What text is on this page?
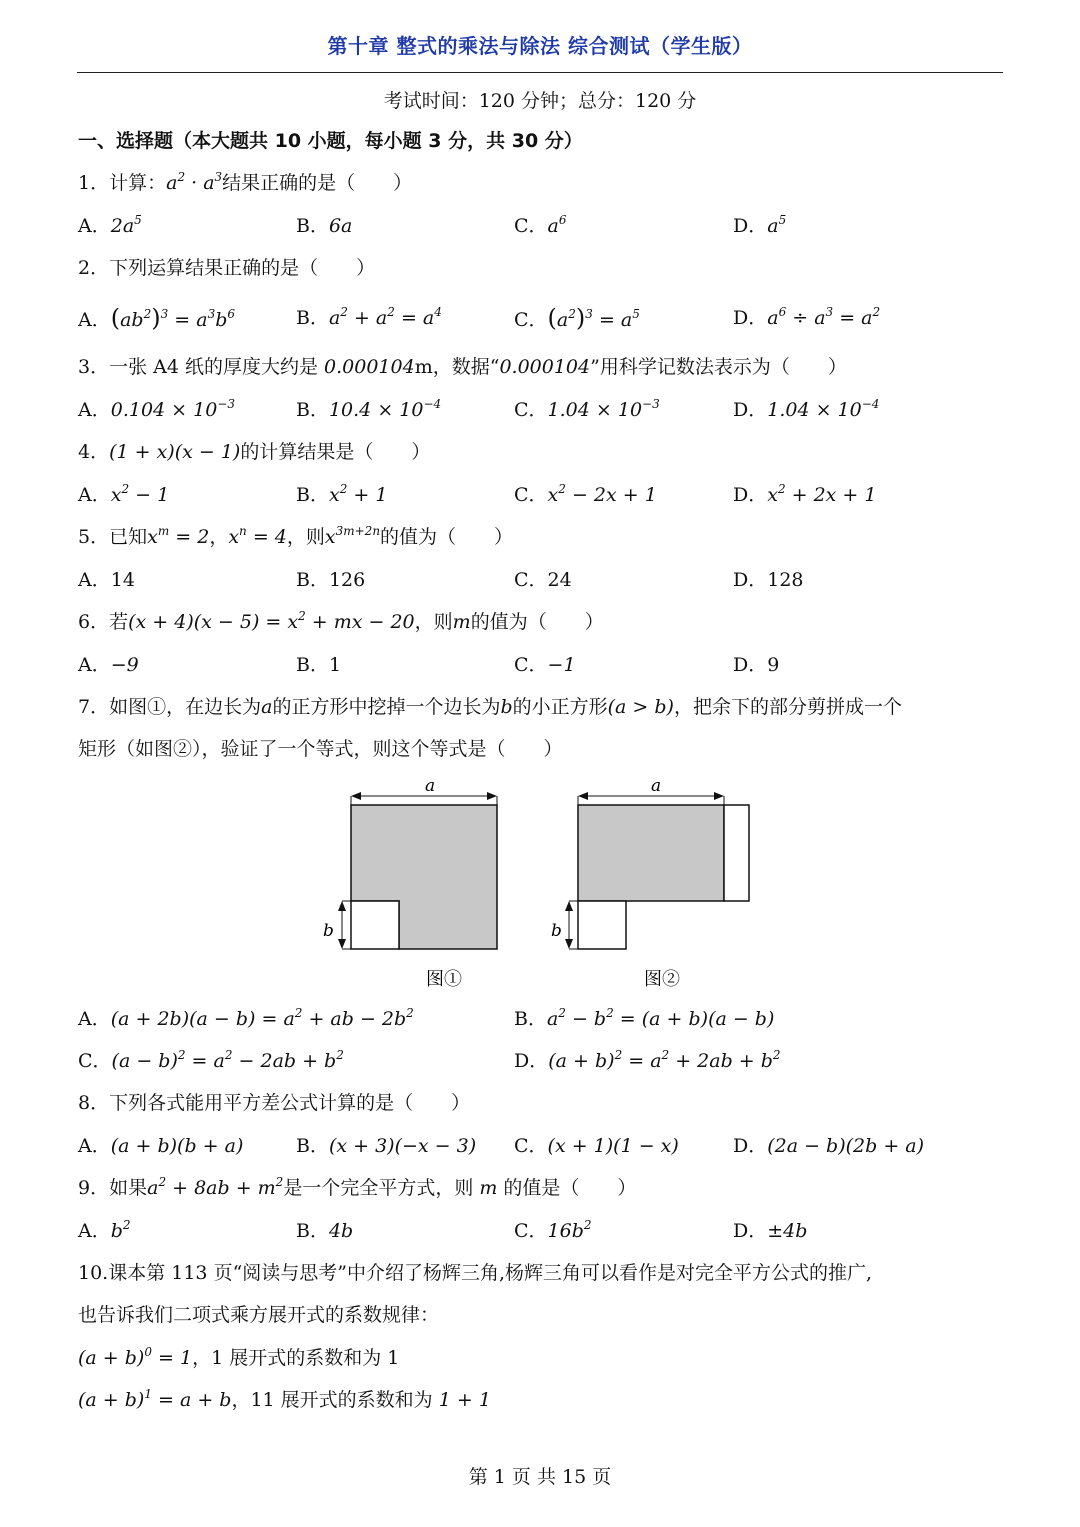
第十章 整式的乘法与除法 综合测试（学生版）
考试时间：120 分钟；总分：120 分
一、选择题（本大题共 10 小题，每小题 3 分，共 30 分）
1．计算：$a^2 \cdot a^3$结果正确的是（　　）
A．$2a^5$	B．6a	C．$a^6$	D．$a^5$
2．下列运算结果正确的是（　　）
A．$(ab^2)^3 = a^3b^6$	B．$a^2 + a^2 = a^4$	C．$(a^2)^3 = a^5$	D．$a^6 \div a^3 = a^2$
3．一张 A4 纸的厚度大约是 0.000104m，数据“0.000104”用科学记数法表示为（　　）
A．$0.104 \times 10^{-3}$	B．$10.4 \times 10^{-4}$	C．$1.04 \times 10^{-3}$	D．$1.04 \times 10^{-4}$
4．(1 + x)(x − 1)的计算结果是（　　）
A．$x^2 - 1$	B．$x^2 + 1$	C．$x^2 - 2x + 1$	D．$x^2 + 2x + 1$
5．已知$x^m = 2$，$x^n = 4$，则$x^{3m+2n}$的值为（　　）
A．14	B．126	C．24	D．128
6．若$(x + 4)(x - 5) = x^2$ + mx − 20，则m的值为（　　）
A．−9	B．1	C．−1	D．9
7．如图①，在边长为a的正方形中挖掉一个边长为b的小正方形(a > b)，把余下的部分剪拼成一个
矩形（如图②），验证了一个等式，则这个等式是（　　）
a
b
a
b
图①	图②
A．$(a + 2b)(a - b) = a^2$ + ab − $2b^2$	B．$a^2 - b^2 = (a + b)(a - b)$
C．$(a - b)^2 = a^2 - 2ab + b^2$	D．$(a + b)^2 = a^2 + 2ab + b^2$
8．下列各式能用平方差公式计算的是（　　）
A．(a + b)(b + a)	B．(x + 3)(−x − 3) C．(x + 1)(1 − x)	D．(2a − b)(2b + a)
9．如果$a^2 + 8ab + m^2$是一个完全平方式，则 m 的值是（　　）
A．$b^2$	B．4b	C．$16b^2$	D．±4b
10.课本第 113 页“阅读与思考”中介绍了杨辉三角,杨辉三角可以看作是对完全平方公式的推广,
也告诉我们二项式乘方展开式的系数规律：
$(a + b)^0 = 1$，1 展开式的系数和为 1
$(a + b)^1 = a + b$，11 展开式的系数和为 1 + 1
第 1 页 共 15 页
